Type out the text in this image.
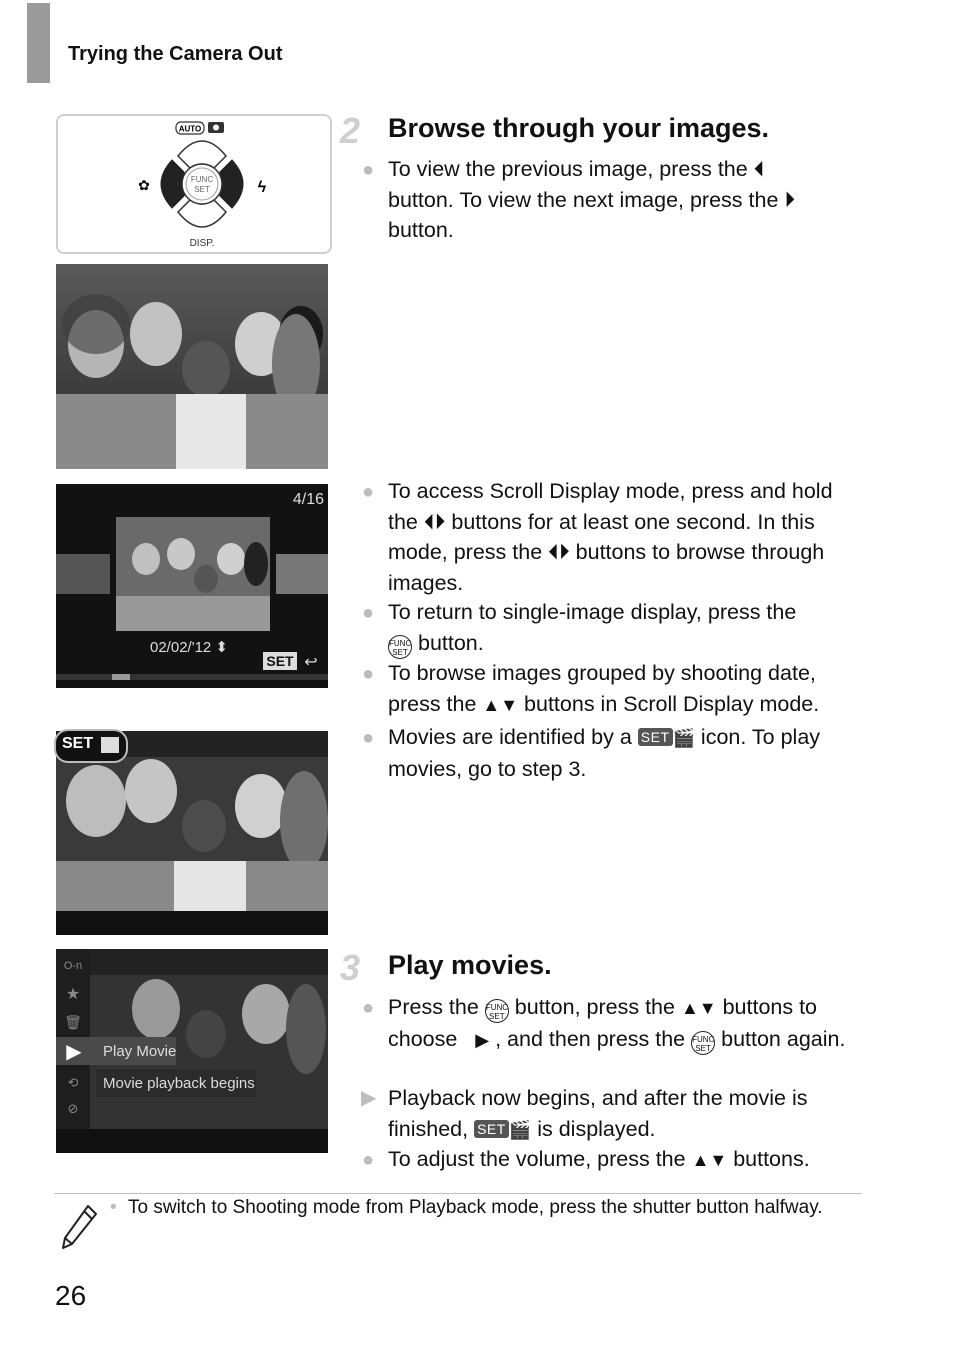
Trying the Camera Out
AUTO
FUNC
SET
✿	ϟ
DISP.
4/16
02/02/'12 ⬍
SET ↩
SET
O‑n
★
🗑
▶
⟲
⊘
Play Movie
Movie playback begins
2 Browse through your images.
● To view the previous image, press the ⏴
button. To view the next image, press the ⏵
button.
● To access Scroll Display mode, press and hold the ⏴⏵ buttons for at least one second. In this mode, press the ⏴⏵ buttons to browse through images.
● To return to single-image display, press the
FUNC
SET button.
● To browse images grouped by shooting date, press the ▲▼ buttons in Scroll Display mode.
● Movies are identified by a SET 🎬 icon. To play movies, go to step 3.
3 Play movies.
● Press the FUNC
SET button, press the ▲▼ buttons to choose ▶ , and then press the FUNC
SET button again.
▶ Playback now begins, and after the movie is finished, SET 🎬 is displayed.
● To adjust the volume, press the ▲▼ buttons.
• To switch to Shooting mode from Playback mode, press the shutter button halfway.
26
